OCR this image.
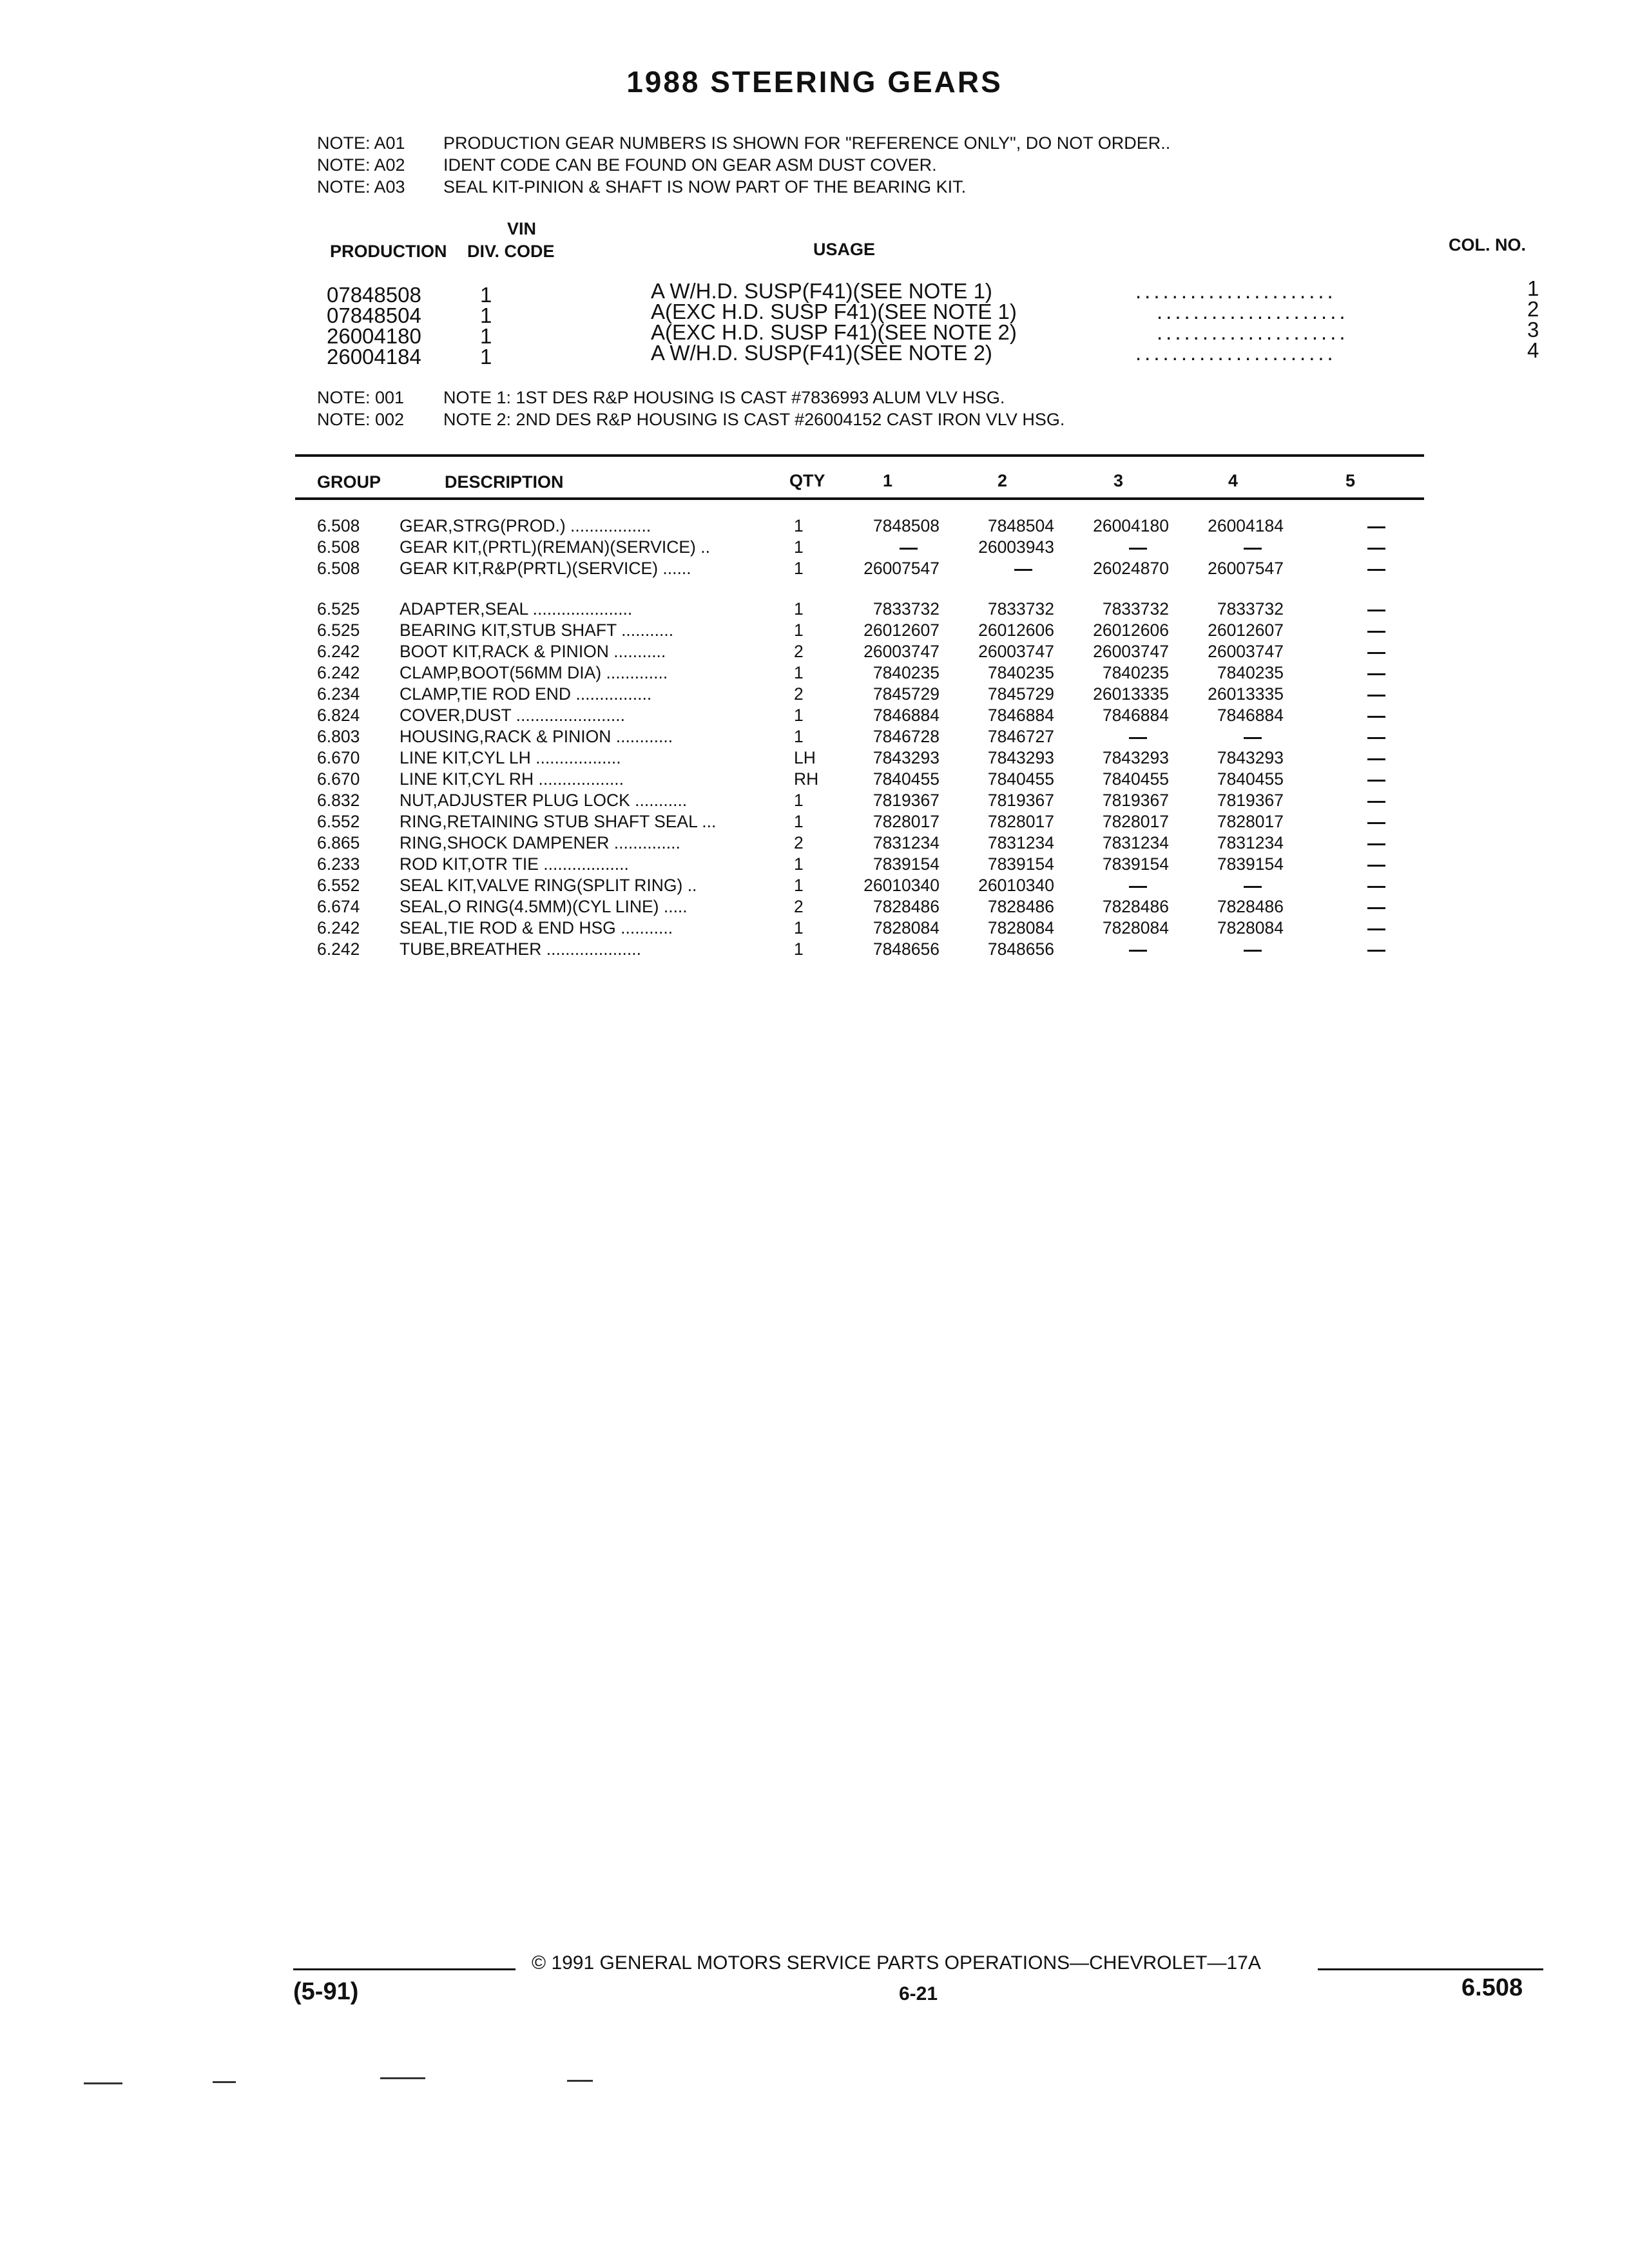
1988 STEERING GEARS
NOTE: A01	PRODUCTION GEAR NUMBERS IS SHOWN FOR "REFERENCE ONLY", DO NOT ORDER..
NOTE: A02	IDENT CODE CAN BE FOUND ON GEAR ASM DUST COVER.
NOTE: A03	SEAL KIT-PINION & SHAFT IS NOW PART OF THE BEARING KIT.
VIN
PRODUCTION DIV. CODE	USAGE	COL. NO.
07848508	1	A W/H.D. SUSP(F41)(SEE NOTE 1)	......................	1
07848504	1	A(EXC H.D. SUSP F41)(SEE NOTE 1)	.....................	2
26004180	1	A(EXC H.D. SUSP F41)(SEE NOTE 2)	.....................	3
26004184	1	A W/H.D. SUSP(F41)(SEE NOTE 2)	......................	4
NOTE: 001	NOTE 1: 1ST DES R&P HOUSING IS CAST #7836993 ALUM VLV HSG.
NOTE: 002	NOTE 2: 2ND DES R&P HOUSING IS CAST #26004152 CAST IRON VLV HSG.
GROUP	DESCRIPTION	QTY	1	2	3	4	5
6.508	GEAR,STRG(PROD.) .................	1	7848508	7848504	26004180	26004184	
6.508	GEAR KIT,(PRTL)(REMAN)(SERVICE) ..	1		26003943			
6.508	GEAR KIT,R&P(PRTL)(SERVICE) ......	1	26007547		26024870	26007547	

6.525	ADAPTER,SEAL .....................	1	7833732	7833732	7833732	7833732	
6.525	BEARING KIT,STUB SHAFT ...........	1	26012607	26012606	26012606	26012607	
6.242	BOOT KIT,RACK & PINION ...........	2	26003747	26003747	26003747	26003747	
6.242	CLAMP,BOOT(56MM DIA) .............	1	7840235	7840235	7840235	7840235	
6.234	CLAMP,TIE ROD END ................	2	7845729	7845729	26013335	26013335	
6.824	COVER,DUST .......................	1	7846884	7846884	7846884	7846884	
6.803	HOUSING,RACK & PINION ............	1	7846728	7846727			
6.670	LINE KIT,CYL LH ..................	LH	7843293	7843293	7843293	7843293	
6.670	LINE KIT,CYL RH ..................	RH	7840455	7840455	7840455	7840455	
6.832	NUT,ADJUSTER PLUG LOCK ...........	1	7819367	7819367	7819367	7819367	
6.552	RING,RETAINING STUB SHAFT SEAL ...	1	7828017	7828017	7828017	7828017	
6.865	RING,SHOCK DAMPENER ..............	2	7831234	7831234	7831234	7831234	
6.233	ROD KIT,OTR TIE ..................	1	7839154	7839154	7839154	7839154	
6.552	SEAL KIT,VALVE RING(SPLIT RING) ..	1	26010340	26010340			
6.674	SEAL,O RING(4.5MM)(CYL LINE) .....	2	7828486	7828486	7828486	7828486	
6.242	SEAL,TIE ROD & END HSG ...........	1	7828084	7828084	7828084	7828084	
6.242	TUBE,BREATHER ....................	1	7848656	7848656			
© 1991 GENERAL MOTORS SERVICE PARTS OPERATIONS—CHEVROLET—17A
(5-91)	6-21	6.508
